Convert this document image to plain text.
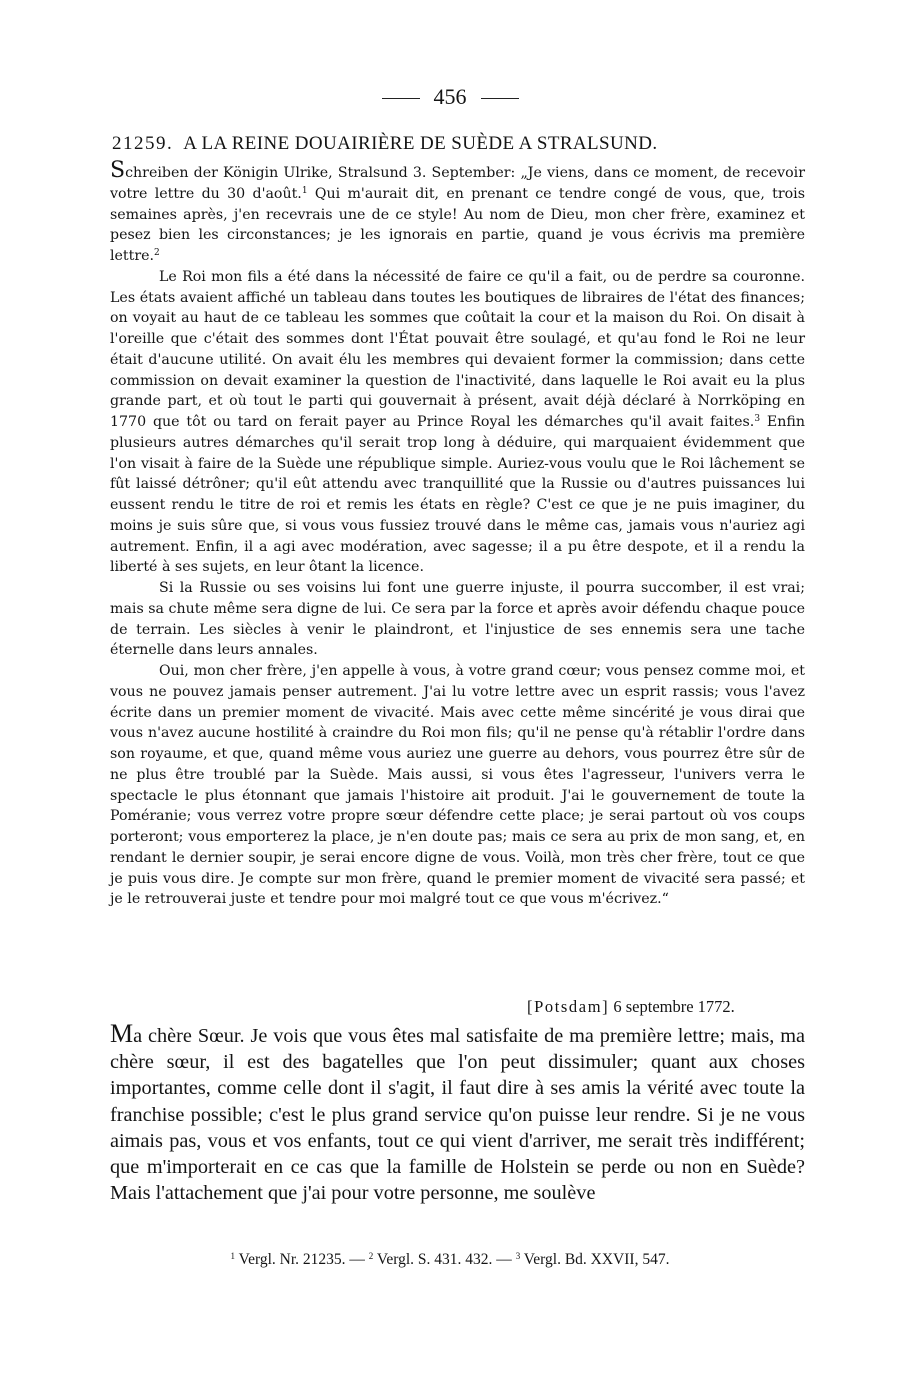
456
21259. A LA REINE DOUAIRIÈRE DE SUÈDE A STRALSUND.

Schreiben der Königin Ulrike, Stralsund 3. September: „Je viens, dans ce moment, de recevoir votre lettre du 30 d'août.$^1$ Qui m'aurait dit, en prenant ce tendre congé de vous, que, trois semaines après, j'en recevrais une de ce style! Au nom de Dieu, mon cher frère, examinez et pesez bien les circonstances; je les ignorais en partie, quand je vous écrivis ma première lettre.$^2$

Le Roi mon fils a été dans la nécessité de faire ce qu'il a fait, ou de perdre sa couronne. Les états avaient affiché un tableau dans toutes les boutiques de libraires de l'état des finances; on voyait au haut de ce tableau les sommes que coûtait la cour et la maison du Roi. On disait à l'oreille que c'était des sommes dont l'État pouvait être soulagé, et qu'au fond le Roi ne leur était d'aucune utilité. On avait élu les membres qui devaient former la commission; dans cette commission on devait examiner la question de l'inactivité, dans laquelle le Roi avait eu la plus grande part, et où tout le parti qui gouvernait à présent, avait déjà déclaré à Norrköping en 1770 que tôt ou tard on ferait payer au Prince Royal les démarches qu'il avait faites.$^3$ Enfin plusieurs autres démarches qu'il serait trop long à déduire, qui marquaient évidemment que l'on visait à faire de la Suède une république simple. Auriez-vous voulu que le Roi lâchement se fût laissé détrôner; qu'il eût attendu avec tranquillité que la Russie ou d'autres puissances lui eussent rendu le titre de roi et remis les états en règle? C'est ce que je ne puis imaginer, du moins je suis sûre que, si vous vous fussiez trouvé dans le même cas, jamais vous n'auriez agi autrement. Enfin, il a agi avec modération, avec sagesse; il a pu être despote, et il a rendu la liberté à ses sujets, en leur ôtant la licence.

Si la Russie ou ses voisins lui font une guerre injuste, il pourra succomber, il est vrai; mais sa chute même sera digne de lui. Ce sera par la force et après avoir défendu chaque pouce de terrain. Les siècles à venir le plaindront, et l'injustice de ses ennemis sera une tache éternelle dans leurs annales.

Oui, mon cher frère, j'en appelle à vous, à votre grand cœur; vous pensez comme moi, et vous ne pouvez jamais penser autrement. J'ai lu votre lettre avec un esprit rassis; vous l'avez écrite dans un premier moment de vivacité. Mais avec cette même sincérité je vous dirai que vous n'avez aucune hostilité à craindre du Roi mon fils; qu'il ne pense qu'à rétablir l'ordre dans son royaume, et que, quand même vous auriez une guerre au dehors, vous pourrez être sûr de ne plus être troublé par la Suède. Mais aussi, si vous êtes l'agresseur, l'univers verra le spectacle le plus étonnant que jamais l'histoire ait produit. J'ai le gouvernement de toute la Poméranie; vous verrez votre propre sœur défendre cette place; je serai partout où vos coups porteront; vous emporterez la place, je n'en doute pas; mais ce sera au prix de mon sang, et, en rendant le dernier soupir, je serai encore digne de vous. Voilà, mon très cher frère, tout ce que je puis vous dire. Je compte sur mon frère, quand le premier moment de vivacité sera passé; et je le retrouverai juste et tendre pour moi malgré tout ce que vous m'écrivez.“

[Potsdam] 6 septembre 1772.

Ma chère Sœur. Je vois que vous êtes mal satisfaite de ma première lettre; mais, ma chère sœur, il est des bagatelles que l'on peut dissimuler; quant aux choses importantes, comme celle dont il s'agit, il faut dire à ses amis la vérité avec toute la franchise possible; c'est le plus grand service qu'on puisse leur rendre. Si je ne vous aimais pas, vous et vos enfants, tout ce qui vient d'arriver, me serait très indifférent; que m'importerait en ce cas que la famille de Holstein se perde ou non en Suède? Mais l'attachement que j'ai pour votre personne, me soulève

$^1$ Vergl. Nr. 21235. — $^2$ Vergl. S. 431. 432. — $^3$ Vergl. Bd. XXVII, 547.
